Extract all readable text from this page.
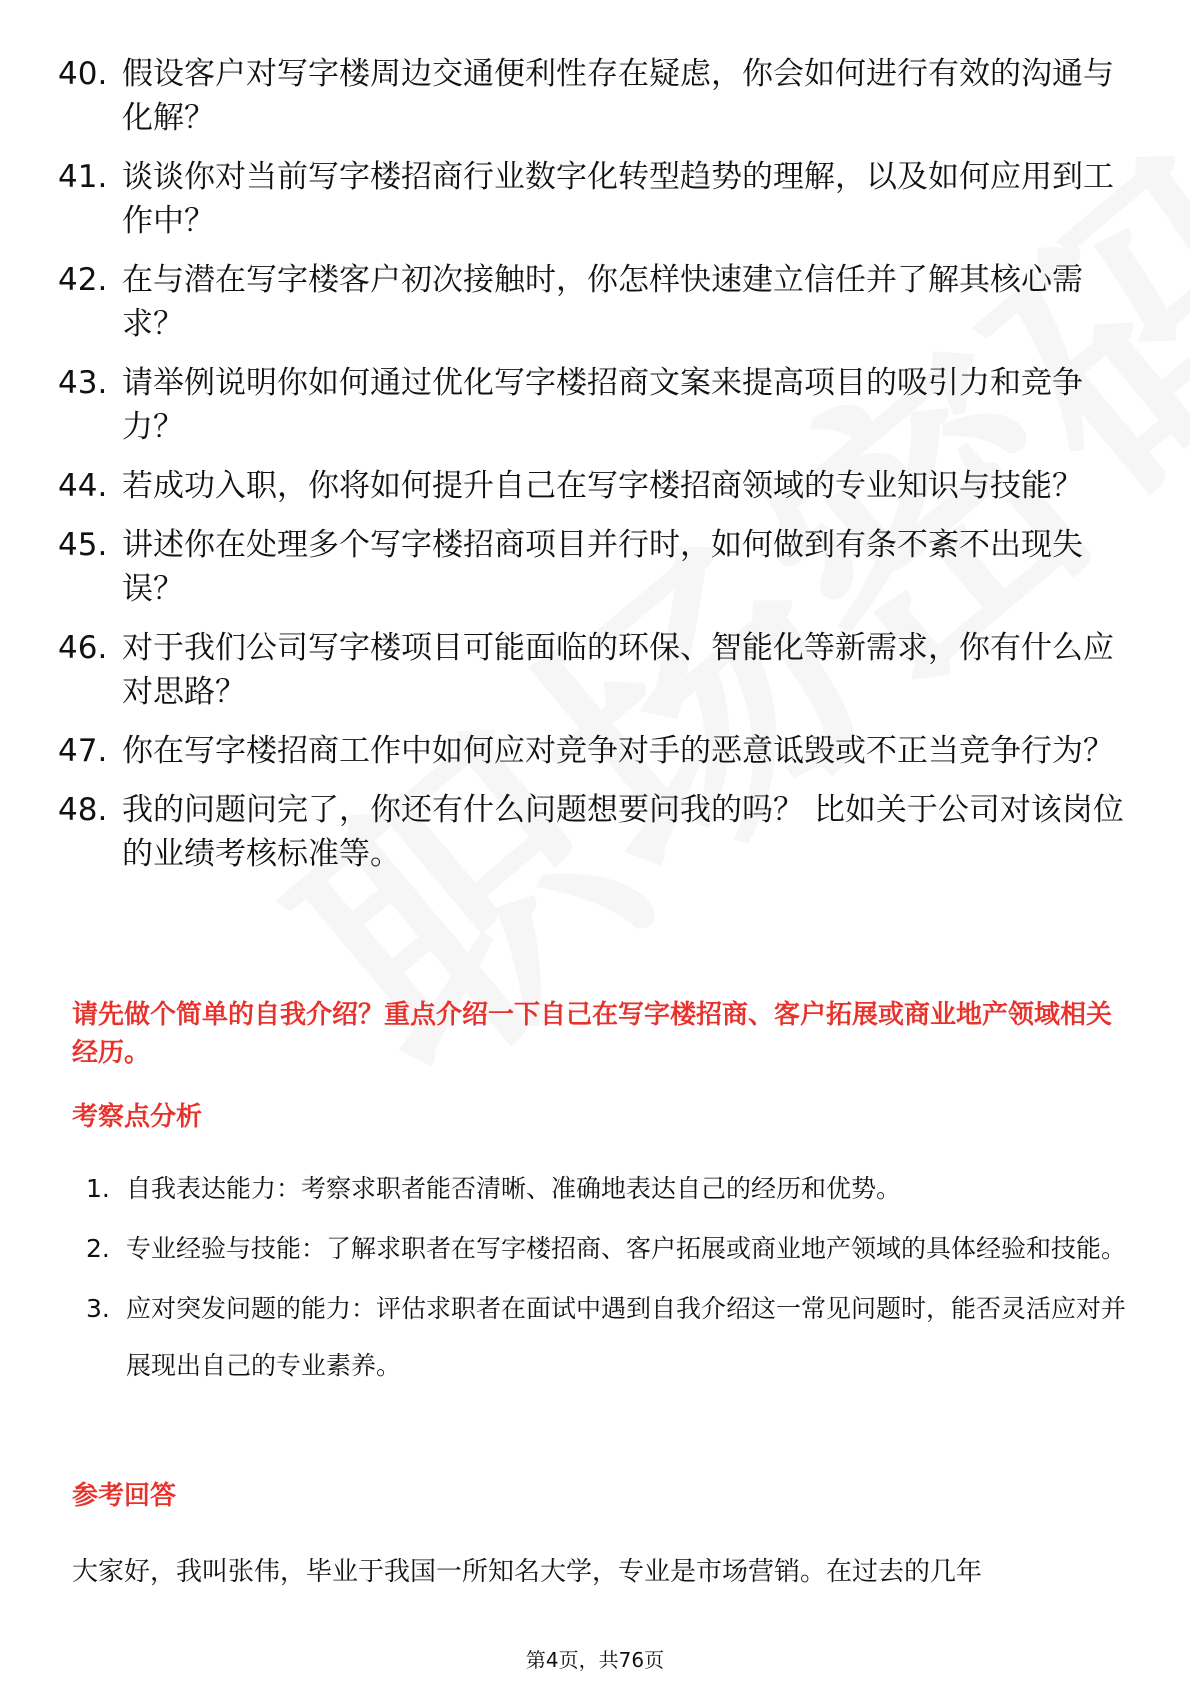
40. 假设客户对写字楼周边交通便利性存在疑虑，你会如何进行有效的沟通与化解？
41. 谈谈你对当前写字楼招商行业数字化转型趋势的理解，以及如何应用到工作中？
42. 在与潜在写字楼客户初次接触时，你怎样快速建立信任并了解其核心需求？
43. 请举例说明你如何通过优化写字楼招商文案来提高项目的吸引力和竞争力？
44. 若成功入职，你将如何提升自己在写字楼招商领域的专业知识与技能？
45. 讲述你在处理多个写字楼招商项目并行时，如何做到有条不紊不出现失误？
46. 对于我们公司写字楼项目可能面临的环保、智能化等新需求，你有什么应对思路？
47. 你在写字楼招商工作中如何应对竞争对手的恶意诋毁或不正当竞争行为？
48. 我的问题问完了，你还有什么问题想要问我的吗？ 比如关于公司对该岗位的业绩考核标准等。
请先做个简单的自我介绍？重点介绍一下自己在写字楼招商、客户拓展或商业地产领域相关经历。
考察点分析
1. 自我表达能力：考察求职者能否清晰、准确地表达自己的经历和优势。
2. 专业经验与技能：了解求职者在写字楼招商、客户拓展或商业地产领域的具体经验和技能。
3. 应对突发问题的能力：评估求职者在面试中遇到自我介绍这一常见问题时，能否灵活应对并展现出自己的专业素养。
参考回答
大家好，我叫张伟，毕业于我国一所知名大学，专业是市场营销。在过去的几年
第4页，共76页
